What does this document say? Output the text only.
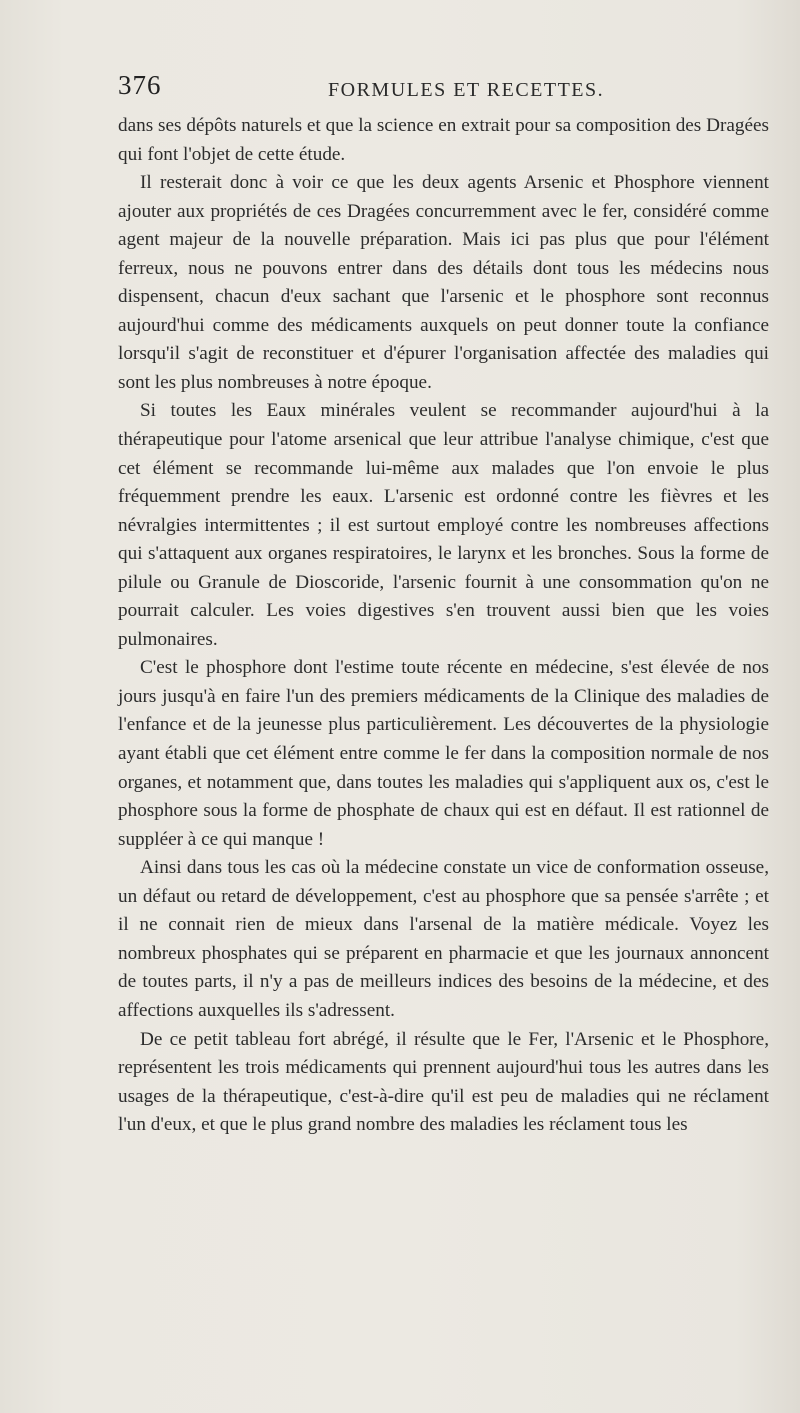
376	FORMULES ET RECETTES.

dans ses dépôts naturels et que la science en extrait pour sa composition des Dragées qui font l'objet de cette étude.

Il resterait donc à voir ce que les deux agents Arsenic et Phosphore viennent ajouter aux propriétés de ces Dragées concurremment avec le fer, considéré comme agent majeur de la nouvelle préparation. Mais ici pas plus que pour l'élément ferreux, nous ne pouvons entrer dans des détails dont tous les médecins nous dispensent, chacun d'eux sachant que l'arsenic et le phosphore sont reconnus aujourd'hui comme des médicaments auxquels on peut donner toute la confiance lorsqu'il s'agit de reconstituer et d'épurer l'organisation affectée des maladies qui sont les plus nombreuses à notre époque.

Si toutes les Eaux minérales veulent se recommander aujourd'hui à la thérapeutique pour l'atome arsenical que leur attribue l'analyse chimique, c'est que cet élément se recommande lui-même aux malades que l'on envoie le plus fréquemment prendre les eaux. L'arsenic est ordonné contre les fièvres et les névralgies intermittentes ; il est surtout employé contre les nombreuses affections qui s'attaquent aux organes respiratoires, le larynx et les bronches. Sous la forme de pilule ou Granule de Dioscoride, l'arsenic fournit à une consommation qu'on ne pourrait calculer. Les voies digestives s'en trouvent aussi bien que les voies pulmonaires.

C'est le phosphore dont l'estime toute récente en médecine, s'est élevée de nos jours jusqu'à en faire l'un des premiers médicaments de la Clinique des maladies de l'enfance et de la jeunesse plus particulièrement. Les découvertes de la physiologie ayant établi que cet élément entre comme le fer dans la composition normale de nos organes, et notamment que, dans toutes les maladies qui s'appliquent aux os, c'est le phosphore sous la forme de phosphate de chaux qui est en défaut. Il est rationnel de suppléer à ce qui manque !

Ainsi dans tous les cas où la médecine constate un vice de conformation osseuse, un défaut ou retard de développement, c'est au phosphore que sa pensée s'arrête ; et il ne connait rien de mieux dans l'arsenal de la matière médicale. Voyez les nombreux phosphates qui se préparent en pharmacie et que les journaux annoncent de toutes parts, il n'y a pas de meilleurs indices des besoins de la médecine, et des affections auxquelles ils s'adressent.

De ce petit tableau fort abrégé, il résulte que le Fer, l'Arsenic et le Phosphore, représentent les trois médicaments qui prennent aujourd'hui tous les autres dans les usages de la thérapeutique, c'est-à-dire qu'il est peu de maladies qui ne réclament l'un d'eux, et que le plus grand nombre des maladies les réclament tous les
